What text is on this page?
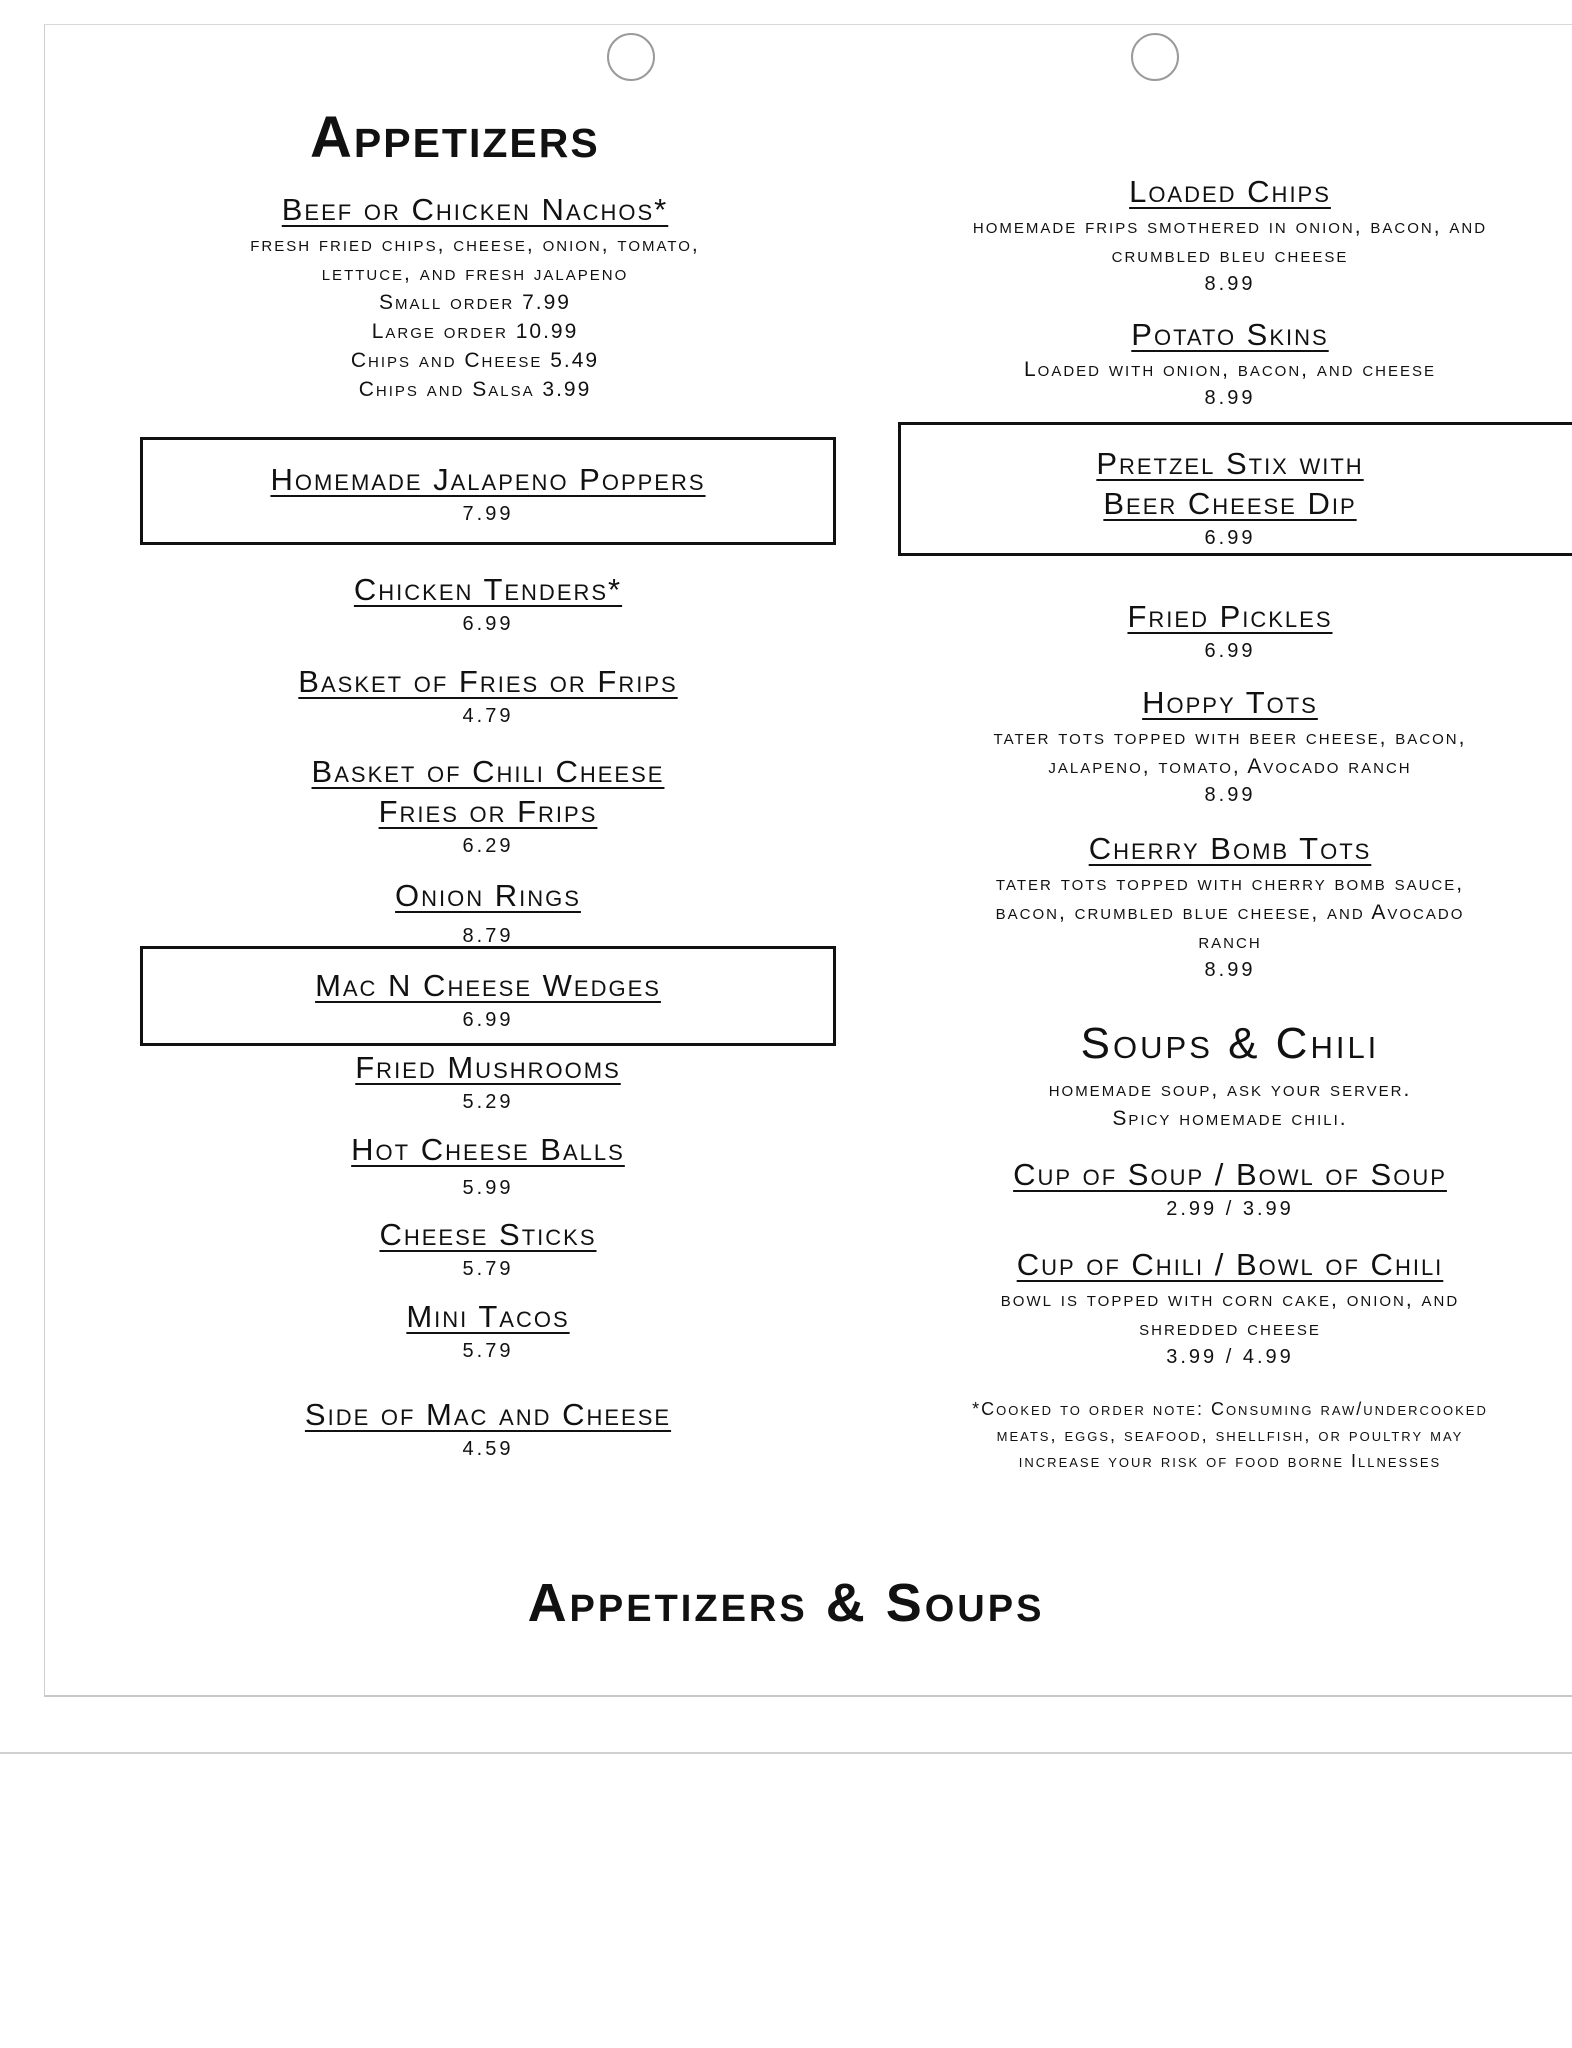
Appetizers
Beef or Chicken Nachos*
fresh fried chips, cheese, onion, tomato,
lettuce, and fresh jalapeno
Small order 7.99
Large order 10.99
Chips and Cheese 5.49
Chips and Salsa 3.99
Homemade Jalapeno Poppers
7.99
Chicken Tenders*
6.99
Basket of Fries or Frips
4.79
Basket of Chili Cheese
Fries or Frips
6.29
Onion Rings
8.79
Mac N Cheese Wedges
6.99
Fried Mushrooms
5.29
Hot Cheese Balls
5.99
Cheese Sticks
5.79
Mini Tacos
5.79
Side of Mac and Cheese
4.59
Loaded Chips
homemade frips smothered in onion, bacon, and
crumbled bleu cheese
8.99
Potato Skins
Loaded with onion, bacon, and cheese
8.99
Pretzel Stix with
Beer Cheese Dip
6.99
Fried Pickles
6.99
Hoppy Tots
tater tots topped with beer cheese, bacon,
jalapeno, tomato, Avocado ranch
8.99
Cherry Bomb Tots
tater tots topped with cherry bomb sauce,
bacon, crumbled blue cheese, and Avocado
ranch
8.99
Soups & Chili
homemade soup, ask your server.
Spicy homemade chili.
Cup of Soup / Bowl of Soup
2.99 / 3.99
Cup of Chili / Bowl of Chili
bowl is topped with corn cake, onion, and
shredded cheese
3.99 / 4.99
*Cooked to order note: Consuming raw/undercooked
meats, eggs, seafood, shellfish, or poultry may
increase your risk of food borne Illnesses
Appetizers & Soups
